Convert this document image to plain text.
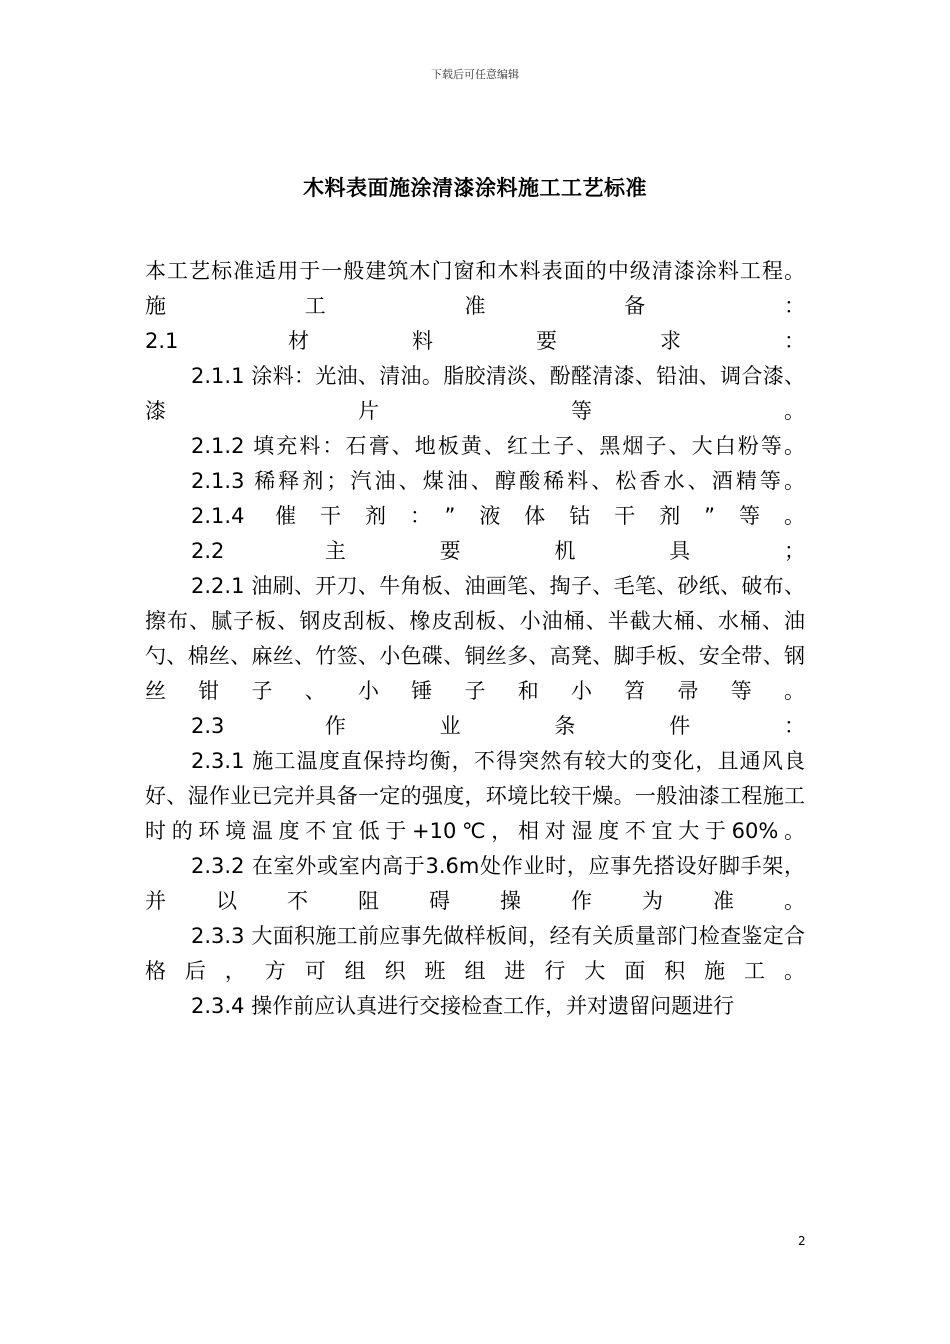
下载后可任意编辑
木料表面施涂清漆涂料施工工艺标准

本工艺标准适用于一般建筑木门窗和木料表面的中级清漆涂料工程。

施工准备：

2.1 材料要求：

2.1.1 涂料：光油、清油。脂胶清淡、酚醛清漆、铅油、调合漆、漆片等。

2.1.2 填充料：石膏、地板黄、红土子、黑烟子、大白粉等。

2.1.3 稀释剂；汽油、煤油、醇酸稀料、松香水、酒精等。

2.1.4 催干剂：”液体钴干剂”等。

2.2 主要机具；

2.2.1 油刷、开刀、牛角板、油画笔、掏子、毛笔、砂纸、破布、擦布、腻子板、钢皮刮板、橡皮刮板、小油桶、半截大桶、水桶、油勺、棉丝、麻丝、竹签、小色碟、铜丝多、高凳、脚手板、安全带、钢丝钳子、小锤子和小笤帚等。

2.3 作业条件：

2.3.1 施工温度直保持均衡，不得突然有较大的变化，且通风良好、湿作业已完并具备一定的强度，环境比较干燥。一般油漆工程施工时的环境温度不宜低于+10℃，相对湿度不宜大于60%。

2.3.2 在室外或室内高于3.6m处作业时，应事先搭设好脚手架，并以不阻碍操作为准。

2.3.3 大面积施工前应事先做样板间，经有关质量部门检查鉴定合格后，方可组织班组进行大面积施工。

2.3.4 操作前应认真进行交接检查工作，并对遗留问题进行

2
